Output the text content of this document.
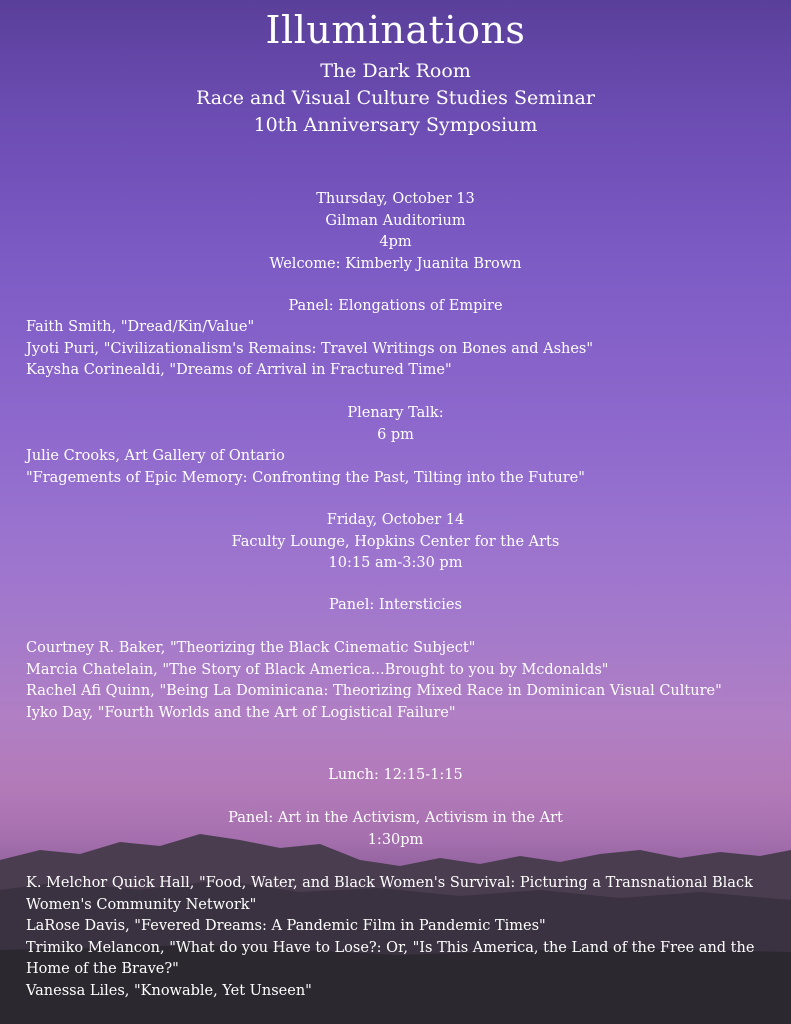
Illuminations
The Dark Room
Race and Visual Culture Studies Seminar
10th Anniversary Symposium
Thursday, October 13
Gilman Auditorium
4pm
Welcome: Kimberly Juanita Brown
Panel: Elongations of Empire
Faith Smith, "Dread/Kin/Value"
Jyoti Puri, "Civilizationalism's Remains: Travel Writings on Bones and Ashes"
Kaysha Corinealdi, "Dreams of Arrival in Fractured Time"
Plenary Talk:
6 pm
Julie Crooks, Art Gallery of Ontario
"Fragements of Epic Memory: Confronting the Past, Tilting into the Future"
Friday, October 14
Faculty Lounge, Hopkins Center for the Arts
10:15 am-3:30 pm
Panel: Intersticies
Courtney R. Baker, "Theorizing the Black Cinematic Subject"
Marcia Chatelain, "The Story of Black America...Brought to you by Mcdonalds"
Rachel Afi Quinn, "Being La Dominicana: Theorizing Mixed Race in Dominican Visual Culture"
Iyko Day, "Fourth Worlds and the Art of Logistical Failure"
Lunch: 12:15-1:15
Panel: Art in the Activism, Activism in the Art
1:30pm
K. Melchor Quick Hall, "Food, Water, and Black Women's Survival: Picturing a Transnational Black Women's Community Network"
LaRose Davis, "Fevered Dreams: A Pandemic Film in Pandemic Times"
Trimiko Melancon, "What do you Have to Lose?: Or, "Is This America, the Land of the Free and the Home of the Brave?"
Vanessa Liles, "Knowable, Yet Unseen"
